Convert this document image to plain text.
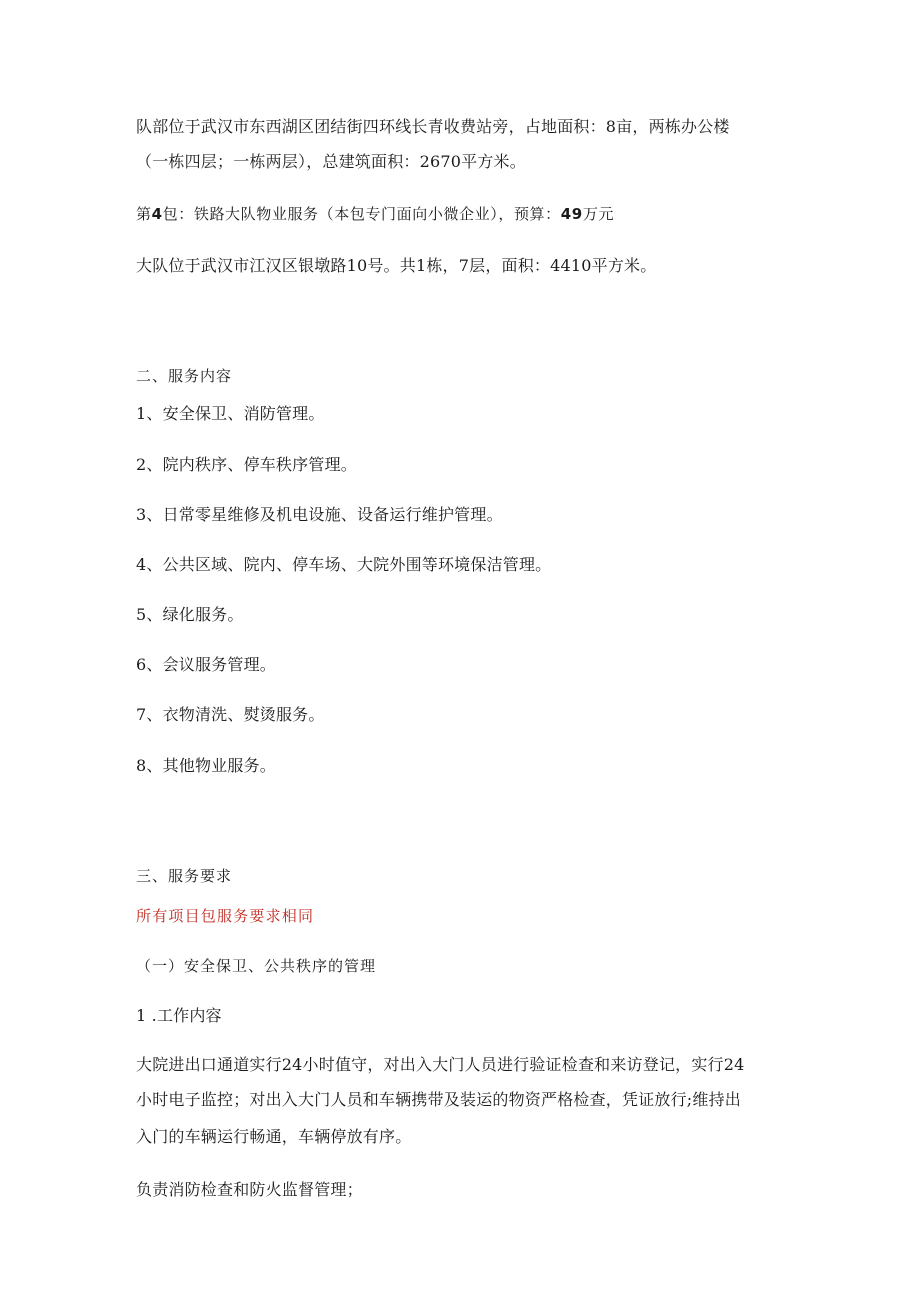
队部位于武汉市东西湖区团结街四环线长青收费站旁，占地面积：8亩，两栋办公楼
（一栋四层；一栋两层），总建筑面积：2670平方米。
第4包：铁路大队物业服务（本包专门面向小微企业），预算：49万元
大队位于武汉市江汉区银墩路10号。共1栋，7层，面积：4410平方米。
二、服务内容
1、安全保卫、消防管理。
2、院内秩序、停车秩序管理。
3、日常零星维修及机电设施、设备运行维护管理。
4、公共区域、院内、停车场、大院外围等环境保洁管理。
5、绿化服务。
6、会议服务管理。
7、衣物清洗、熨烫服务。
8、其他物业服务。
三、服务要求
所有项目包服务要求相同
（一）安全保卫、公共秩序的管理
1 .工作内容
大院进出口通道实行24小时值守，对出入大门人员进行验证检查和来访登记，实行24
小时电子监控；对出入大门人员和车辆携带及装运的物资严格检查，凭证放行;维持出
入门的车辆运行畅通，车辆停放有序。
负责消防检查和防火监督管理；
